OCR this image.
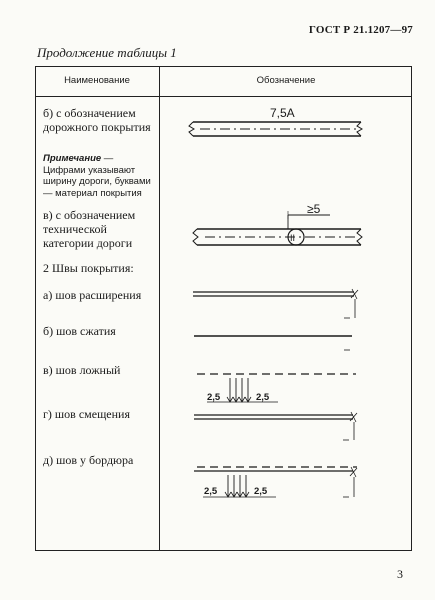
ГОСТ Р 21.1207—97
Продолжение таблицы 1
Наименование	Обозначение
б) с обозначением дорожного покрытия
Примечание — Цифрами указывают ширину дороги, буквами — материал покрытия
в) с обозначением технической категории дороги
2 Швы покрытия:
а) шов расширения
б) шов сжатия
в) шов ложный
г) шов смещения
д) шов у бордюра
7,5А
II
≥5
2,5	2,5
2,5	2,5
3
